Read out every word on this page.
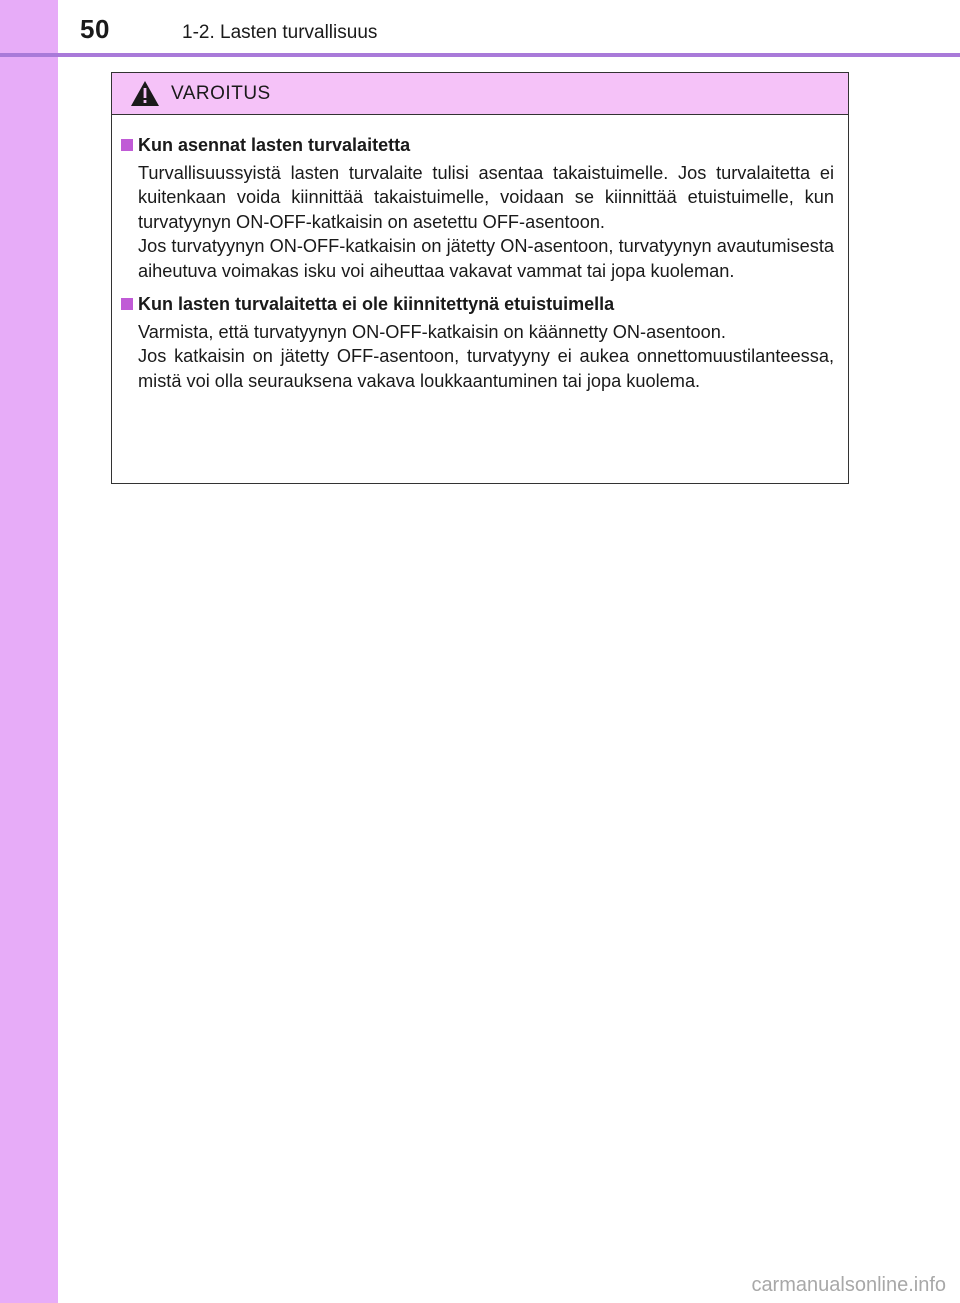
50	1-2. Lasten turvallisuus
VAROITUS
Kun asennat lasten turvalaitetta

Turvallisuussyistä lasten turvalaite tulisi asentaa takaistuimelle. Jos turvalaitetta ei kuitenkaan voida kiinnittää takaistuimelle, voidaan se kiinnittää etuistuimelle, kun turvatyynyn ON-OFF-katkaisin on asetettu OFF-asentoon.

Jos turvatyynyn ON-OFF-katkaisin on jätetty ON-asentoon, turvatyynyn avautumisesta aiheutuva voimakas isku voi aiheuttaa vakavat vammat tai jopa kuoleman.

Kun lasten turvalaitetta ei ole kiinnitettynä etuistuimella

Varmista, että turvatyynyn ON-OFF-katkaisin on käännetty ON-asentoon.

Jos katkaisin on jätetty OFF-asentoon, turvatyyny ei aukea onnettomuustilanteessa, mistä voi olla seurauksena vakava loukkaantuminen tai jopa kuolema.

carmanualsonline.info
